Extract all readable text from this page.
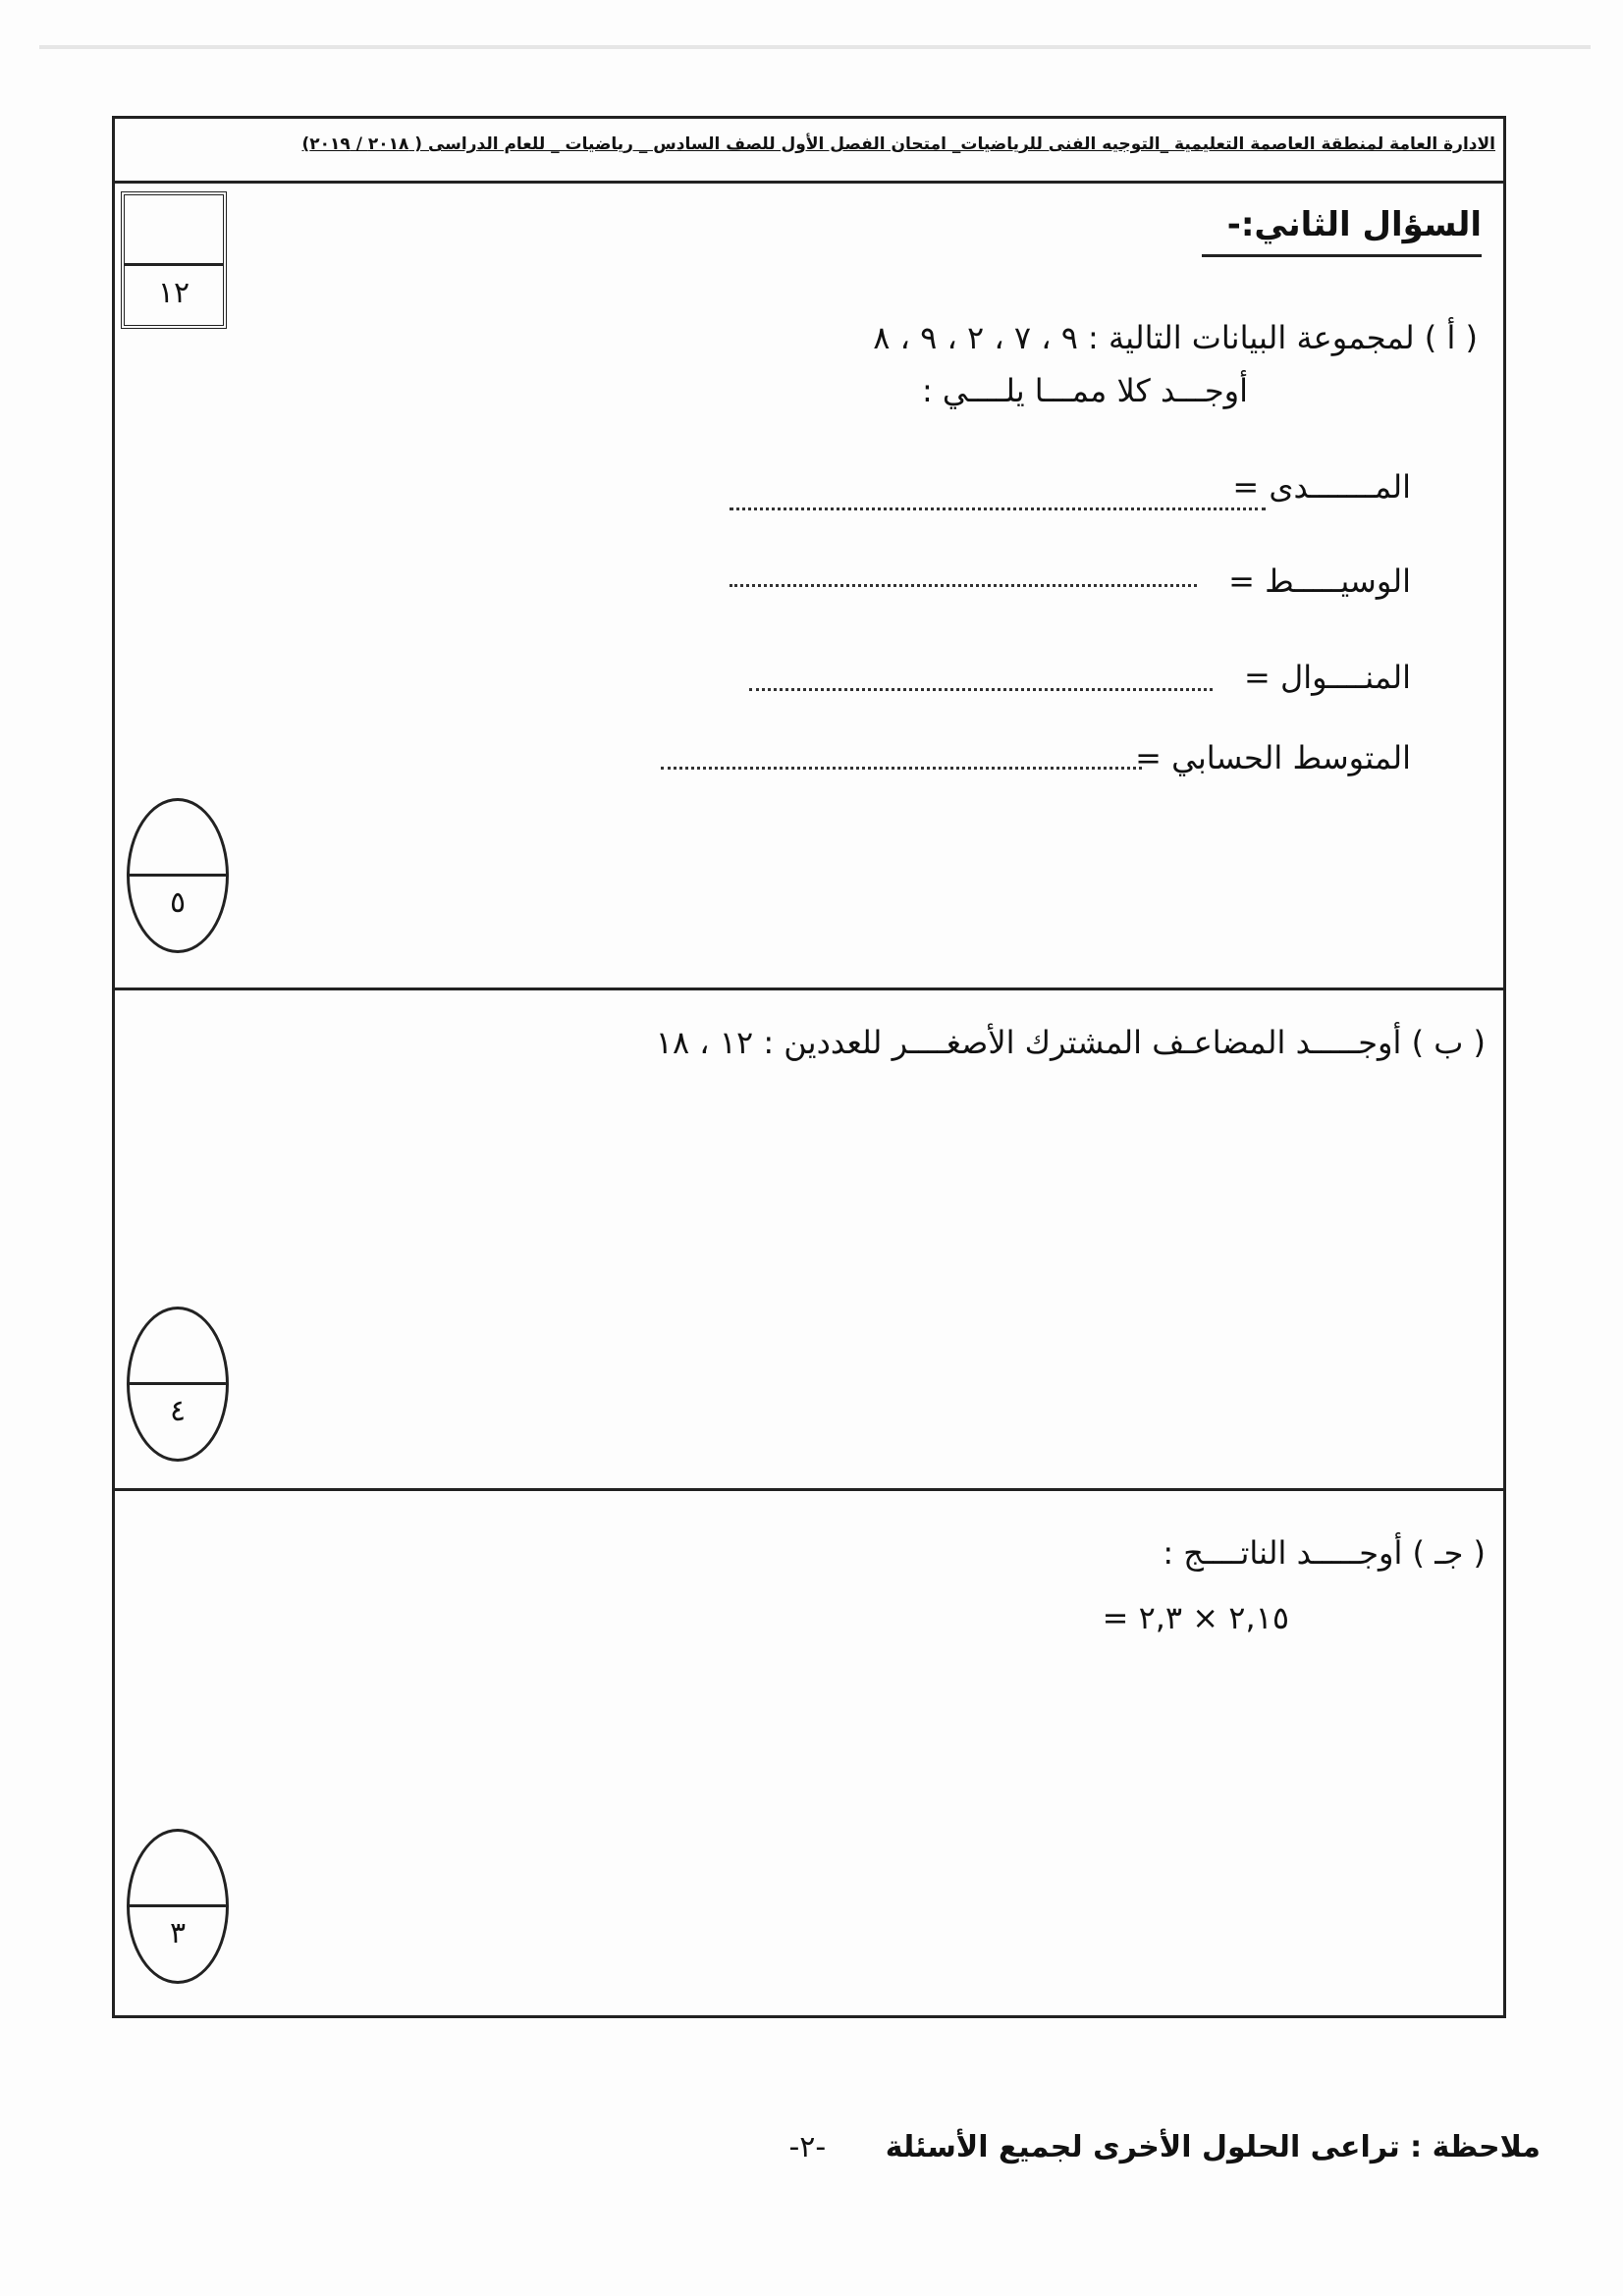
الادارة العامة لمنطقة العاصمة التعليمية _التوجيه الفنى للرياضيات_ امتحان الفصل الأول للصف السادس _ رياضيات _ للعام الدراسى ( ٢٠١٨ / ٢٠١٩)
١٢
السؤال الثاني:-
( أ ) لمجموعة البيانات التالية : ٩ ، ٧ ، ٢ ، ٩ ، ٨
أوجـــد كلا ممـــا يلــــي :
المـــــــدى =
الوسيـــــط =
المنــــوال =
المتوسط الحسابي =
٥
( ب ) أوجـــــد المضاعـف المشترك الأصغــــر للعددين : ١٢ ، ١٨
٤
( جـ ) أوجـــــد الناتــــج :
٢,١٥ × ٢,٣ =
٣
ملاحظة : تراعى الحلول الأخرى لجميع الأسئلة -٢-
